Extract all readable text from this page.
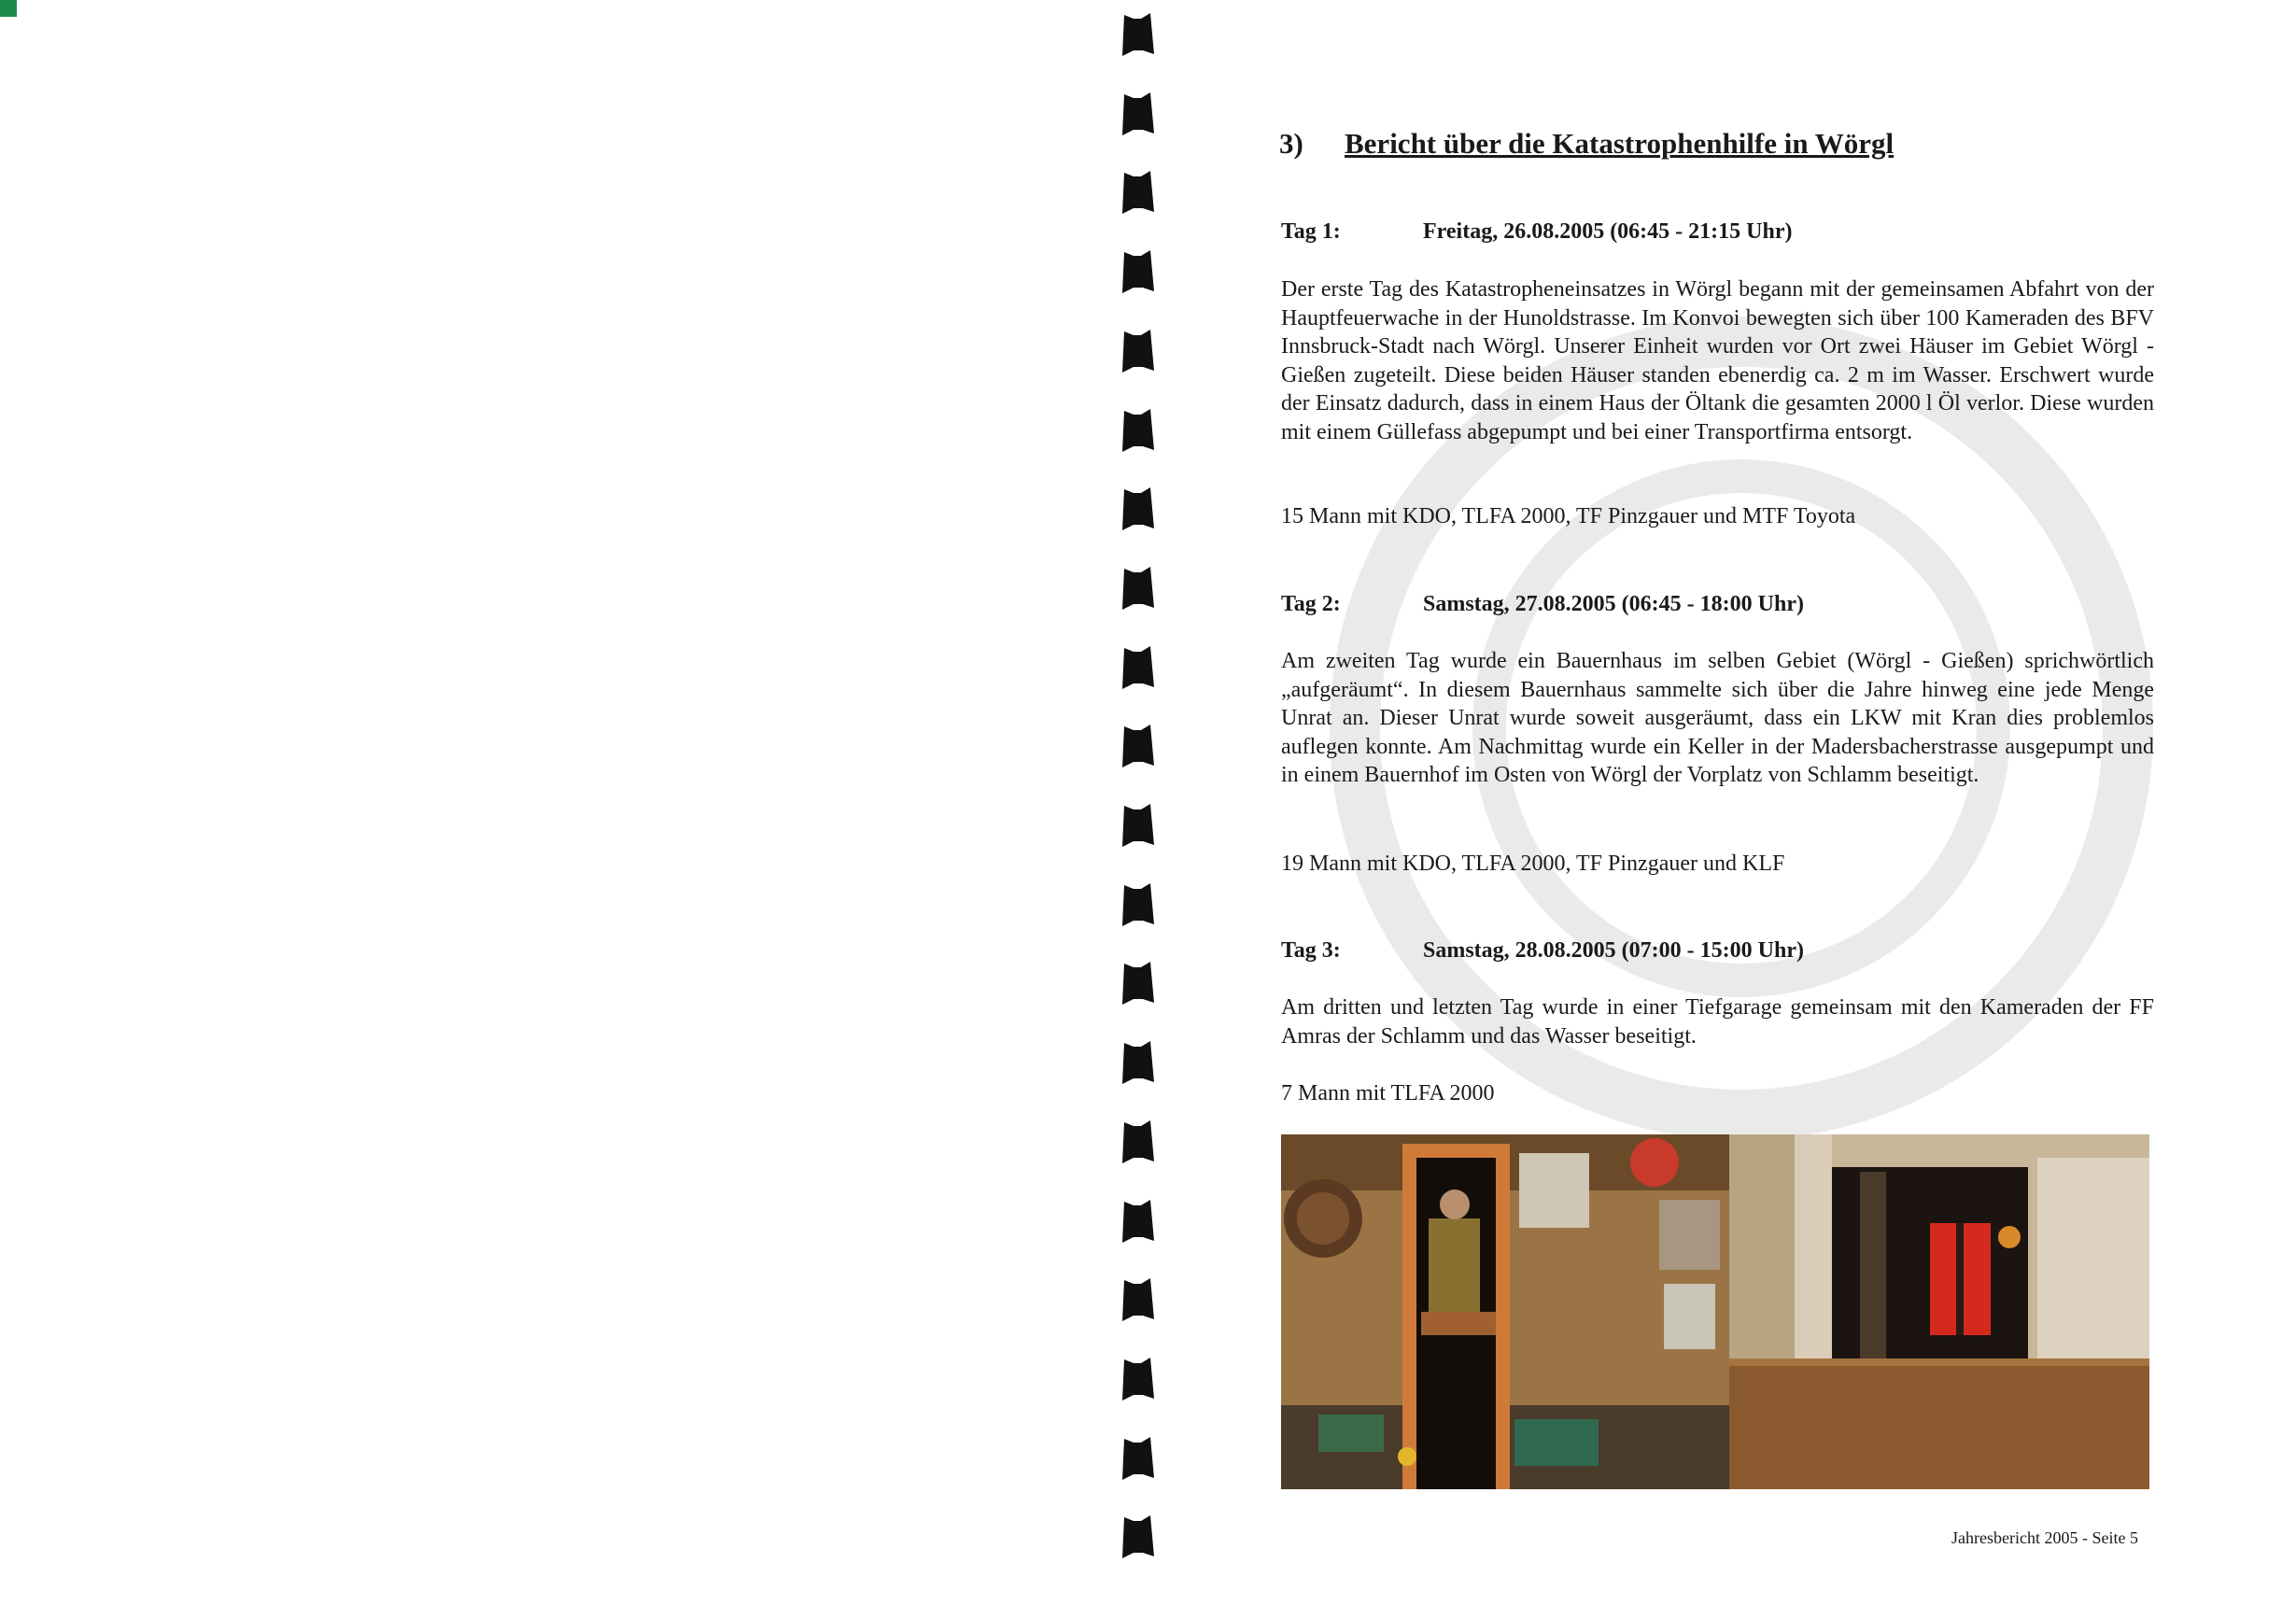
3) Bericht über die Katastrophenhilfe in Wörgl
Tag 1:	Freitag, 26.08.2005 (06:45 - 21:15 Uhr)

Der erste Tag des Katastropheneinsatzes in Wörgl begann mit der gemeinsamen Abfahrt von der Hauptfeuerwache in der Hunoldstrasse. Im Konvoi bewegten sich über 100 Kameraden des BFV Innsbruck-Stadt nach Wörgl. Unserer Einheit wurden vor Ort zwei Häuser im Gebiet Wörgl - Gießen zugeteilt. Diese beiden Häuser standen ebenerdig ca. 2 m im Wasser. Erschwert wurde der Einsatz dadurch, dass in einem Haus der Öltank die gesamten 2000 l Öl verlor. Diese wurden mit einem Güllefass abgepumpt und bei einer Transportfirma entsorgt.

15 Mann mit KDO, TLFA 2000, TF Pinzgauer und MTF Toyota
Tag 2:	Samstag, 27.08.2005 (06:45 - 18:00 Uhr)

Am zweiten Tag wurde ein Bauernhaus im selben Gebiet (Wörgl - Gießen) sprichwörtlich „aufgeräumt“. In diesem Bauernhaus sammelte sich über die Jahre hinweg eine jede Menge Unrat an. Dieser Unrat wurde soweit ausgeräumt, dass ein LKW mit Kran dies problemlos auflegen konnte. Am Nachmittag wurde ein Keller in der Madersbacherstrasse ausgepumpt und in einem Bauernhof im Osten von Wörgl der Vorplatz von Schlamm beseitigt.

19 Mann mit KDO, TLFA 2000, TF Pinzgauer und KLF
Tag 3:	Samstag, 28.08.2005 (07:00 - 15:00 Uhr)

Am dritten und letzten Tag wurde in einer Tiefgarage gemeinsam mit den Kameraden der FF Amras der Schlamm und das Wasser beseitigt.

7 Mann mit TLFA 2000
Jahresbericht 2005 - Seite 5
